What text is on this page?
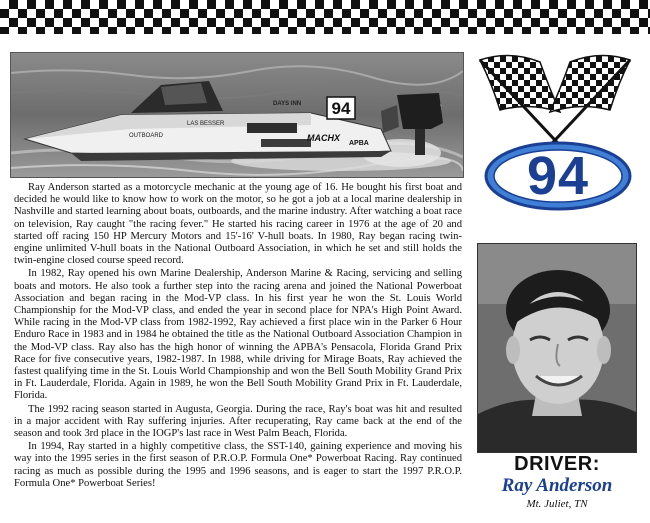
94
LAS BESSER
DAYS INN
MACHX
APBA
OUTBOARD
94

Ray Anderson started as a motorcycle mechanic at the young age of 16. He bought his first boat and decided he would like to know how to work on the motor, so he got a job at a local marine dealership in Nashville and started learning about boats, outboards, and the marine industry. After watching a boat race on television, Ray caught "the racing fever." He started his racing career in 1976 at the age of 20 and started off racing 150 HP Mercury Motors and 15'-16' V-hull boats. In 1980, Ray began racing twin-engine unlimited V-hull boats in the National Outboard Association, in which he set and still holds the twin-engine closed course speed record.

In 1982, Ray opened his own Marine Dealership, Anderson Marine & Racing, servicing and selling boats and motors. He also took a further step into the racing arena and joined the National Powerboat Association and began racing in the Mod-VP class. In his first year he won the St. Louis World Championship for the Mod-VP class, and ended the year in second place for NPA's High Point Award. While racing in the Mod-VP class from 1982-1992, Ray achieved a first place win in the Parker 6 Hour Enduro Race in 1983 and in 1984 he obtained the title as the National Outboard Association Champion in the Mod-VP class. Ray also has the high honor of winning the APBA's Pensacola, Florida Grand Prix Race for five consecutive years, 1982-1987. In 1988, while driving for Mirage Boats, Ray achieved the fastest qualifying time in the St. Louis World Championship and won the Bell South Mobility Grand Prix in Ft. Lauderdale, Florida. Again in 1989, he won the Bell South Mobility Grand Prix in Ft. Lauderdale, Florida.

The 1992 racing season started in Augusta, Georgia. During the race, Ray's boat was hit and resulted in a major accident with Ray suffering injuries. After recuperating, Ray came back at the end of the season and took 3rd place in the IOGP's last race in West Palm Beach, Florida.

In 1994, Ray started in a highly competitive class, the SST-140, gaining experience and moving his way into the 1995 series in the first season of P.R.O.P. Formula One* Powerboat Racing. Ray continued racing as much as possible during the 1995 and 1996 seasons, and is eager to start the 1997 P.R.O.P. Formula One* Powerboat Series!

DRIVER:
Ray Anderson
Mt. Juliet, TN
